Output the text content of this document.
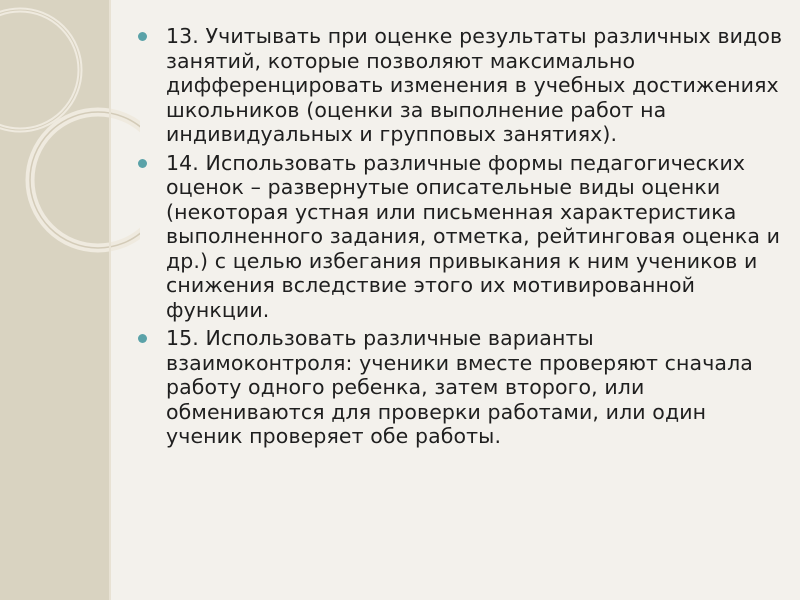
13. Учитывать при оценке результаты различных видов занятий, которые позволяют максимально дифференцировать изменения в учебных достижениях школьников (оценки за выполнение работ на индивидуальных и групповых занятиях).
14. Использовать различные формы педагогических оценок – развернутые описательные виды оценки (некоторая устная или письменная характеристика выполненного задания, отметка, рейтинговая оценка и др.) с целью избегания привыкания к ним учеников и снижения вследствие этого их мотивированной функции.
15. Использовать различные варианты взаимоконтроля: ученики вместе проверяют сначала работу одного ребенка, затем второго, или обмениваются для проверки работами, или один ученик проверяет обе работы.
